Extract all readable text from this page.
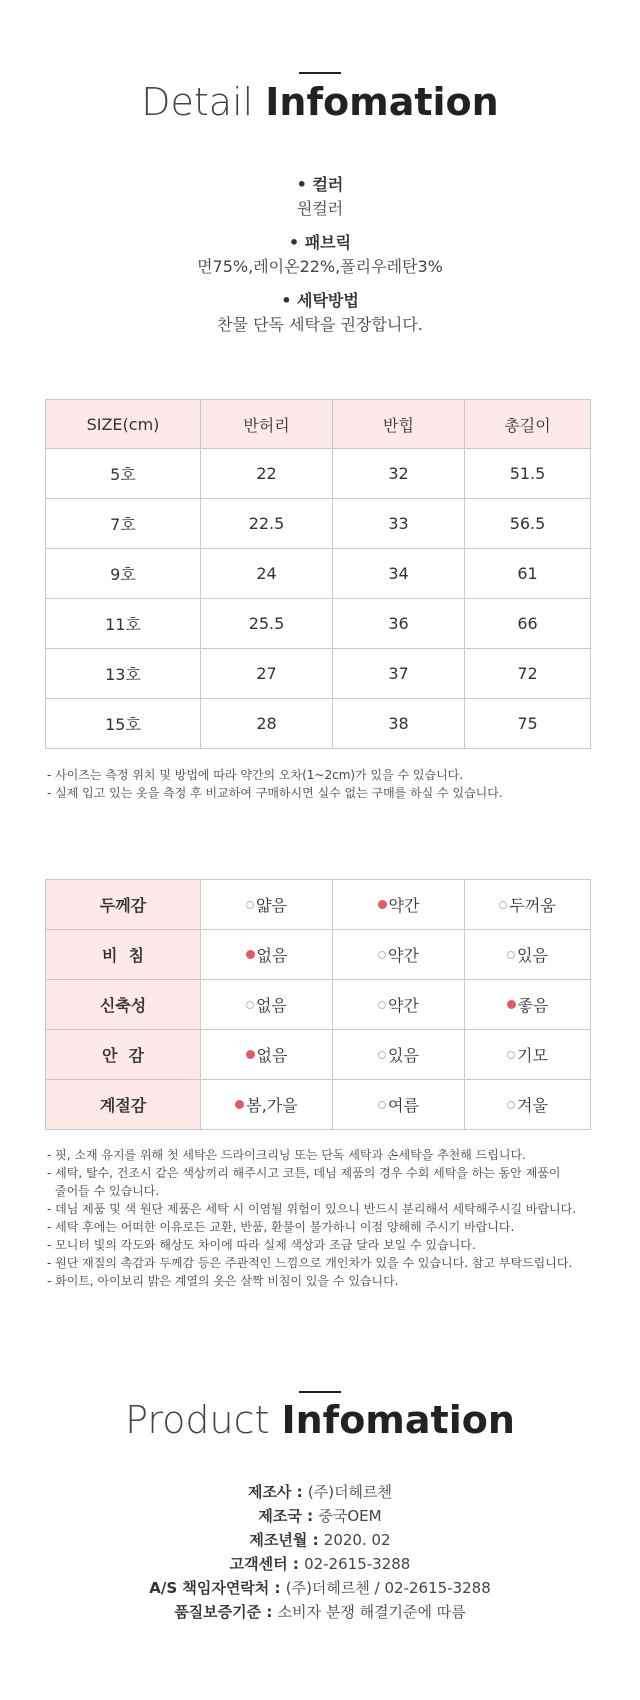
Detail Infomation
• 컬러
원컬러
• 패브릭
면75%,레이온22%,폴리우레탄3%
• 세탁방법
찬물 단독 세탁을 권장합니다.
SIZE(cm)	반허리	반힙	총길이
5호	22	32	51.5
7호	22.5	33	56.5
9호	24	34	61
11호	25.5	36	66
13호	27	37	72
15호	28	38	75
- 사이즈는 측정 위치 및 방법에 따라 약간의 오차(1~2cm)가 있을 수 있습니다.
- 실제 입고 있는 옷을 측정 후 비교하여 구매하시면 실수 없는 구매를 하실 수 있습니다.
두께감	얇음	약간	두꺼움

비  침	없음	약간	있음

신축성	없음	약간	좋음

안  감	없음	있음	기모

계절감	봄,가을	여름	겨울
- 핏, 소재 유지를 위해 첫 세탁은 드라이크리닝 또는 단독 세탁과 손세탁을 추천해 드립니다.
- 세탁, 탈수, 건조시 같은 색상끼리 해주시고 코튼, 데님 제품의 경우 수회 세탁을 하는 동안 제품이
줄어들 수 있습니다.
- 데님 제품 및 색 원단 제품은 세탁 시 이염될 위험이 있으니 반드시 분리해서 세탁해주시길 바랍니다.
- 세탁 후에는 어떠한 이유로든 교환, 반품, 환불이 불가하니 이점 양해해 주시기 바랍니다.
- 모니터 빛의 각도와 해상도 차이에 따라 실제 색상과 조금 달라 보일 수 있습니다.
- 원단 재질의 촉감과 두께감 등은 주관적인 느낌으로 개인차가 있을 수 있습니다. 참고 부탁드립니다.
- 화이트, 아이보리 밝은 계열의 옷은 살짝 비침이 있을 수 있습니다.
Product Infomation
제조사 : (주)더헤르첸
제조국 : 중국OEM
제조년월 : 2020. 02
고객센터 : 02-2615-3288
A/S 책임자연락처 : (주)더헤르첸 / 02-2615-3288
품질보증기준 : 소비자 분쟁 해결기준에 따름
